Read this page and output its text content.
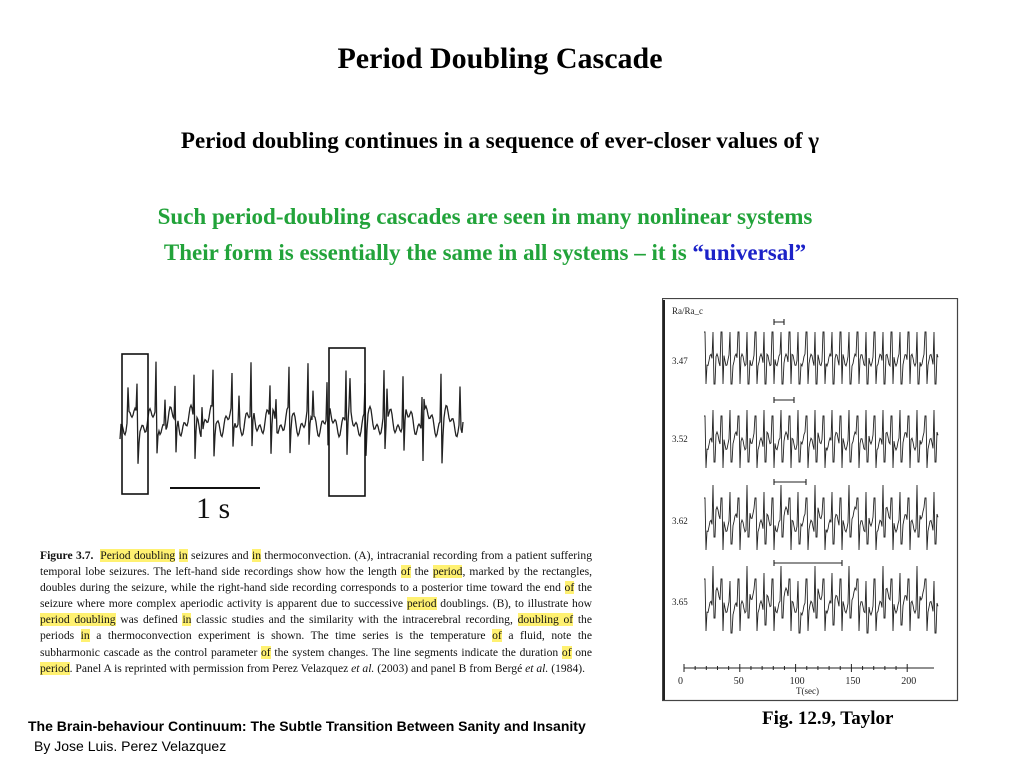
Period Doubling Cascade
Period doubling continues in a sequence of ever-closer values of γ
Such period-doubling cascades are seen in many nonlinear systems
Their form is essentially the same in all systems – it is “universal”
1 s
Figure 3.7. Period doubling in seizures and in thermoconvection. (A), intracranial recording from a patient suffering temporal lobe seizures. The left-hand side recordings show how the length of the period, marked by the rectangles, doubles during the seizure, while the right-hand side recording corresponds to a posterior time toward the end of the seizure where more complex aperiodic activity is apparent due to successive period doublings. (B), to illustrate how period doubling was defined in classic studies and the similarity with the intracerebral recording, doubling of the periods in a thermoconvection experiment is shown. The time series is the temperature of a fluid, note the subharmonic cascade as the control parameter of the system changes. The line segments indicate the duration of one period. Panel A is reprinted with permission from Perez Velazquez et al. (2003) and panel B from Bergé et al. (1984).
Ra/Ra_c
3.47
3.52
3.62
3.65
0	50	100	150	200
T(sec)
Fig. 12.9, Taylor
The Brain-behaviour Continuum: The Subtle Transition Between Sanity and Insanity
By Jose Luis. Perez Velazquez
